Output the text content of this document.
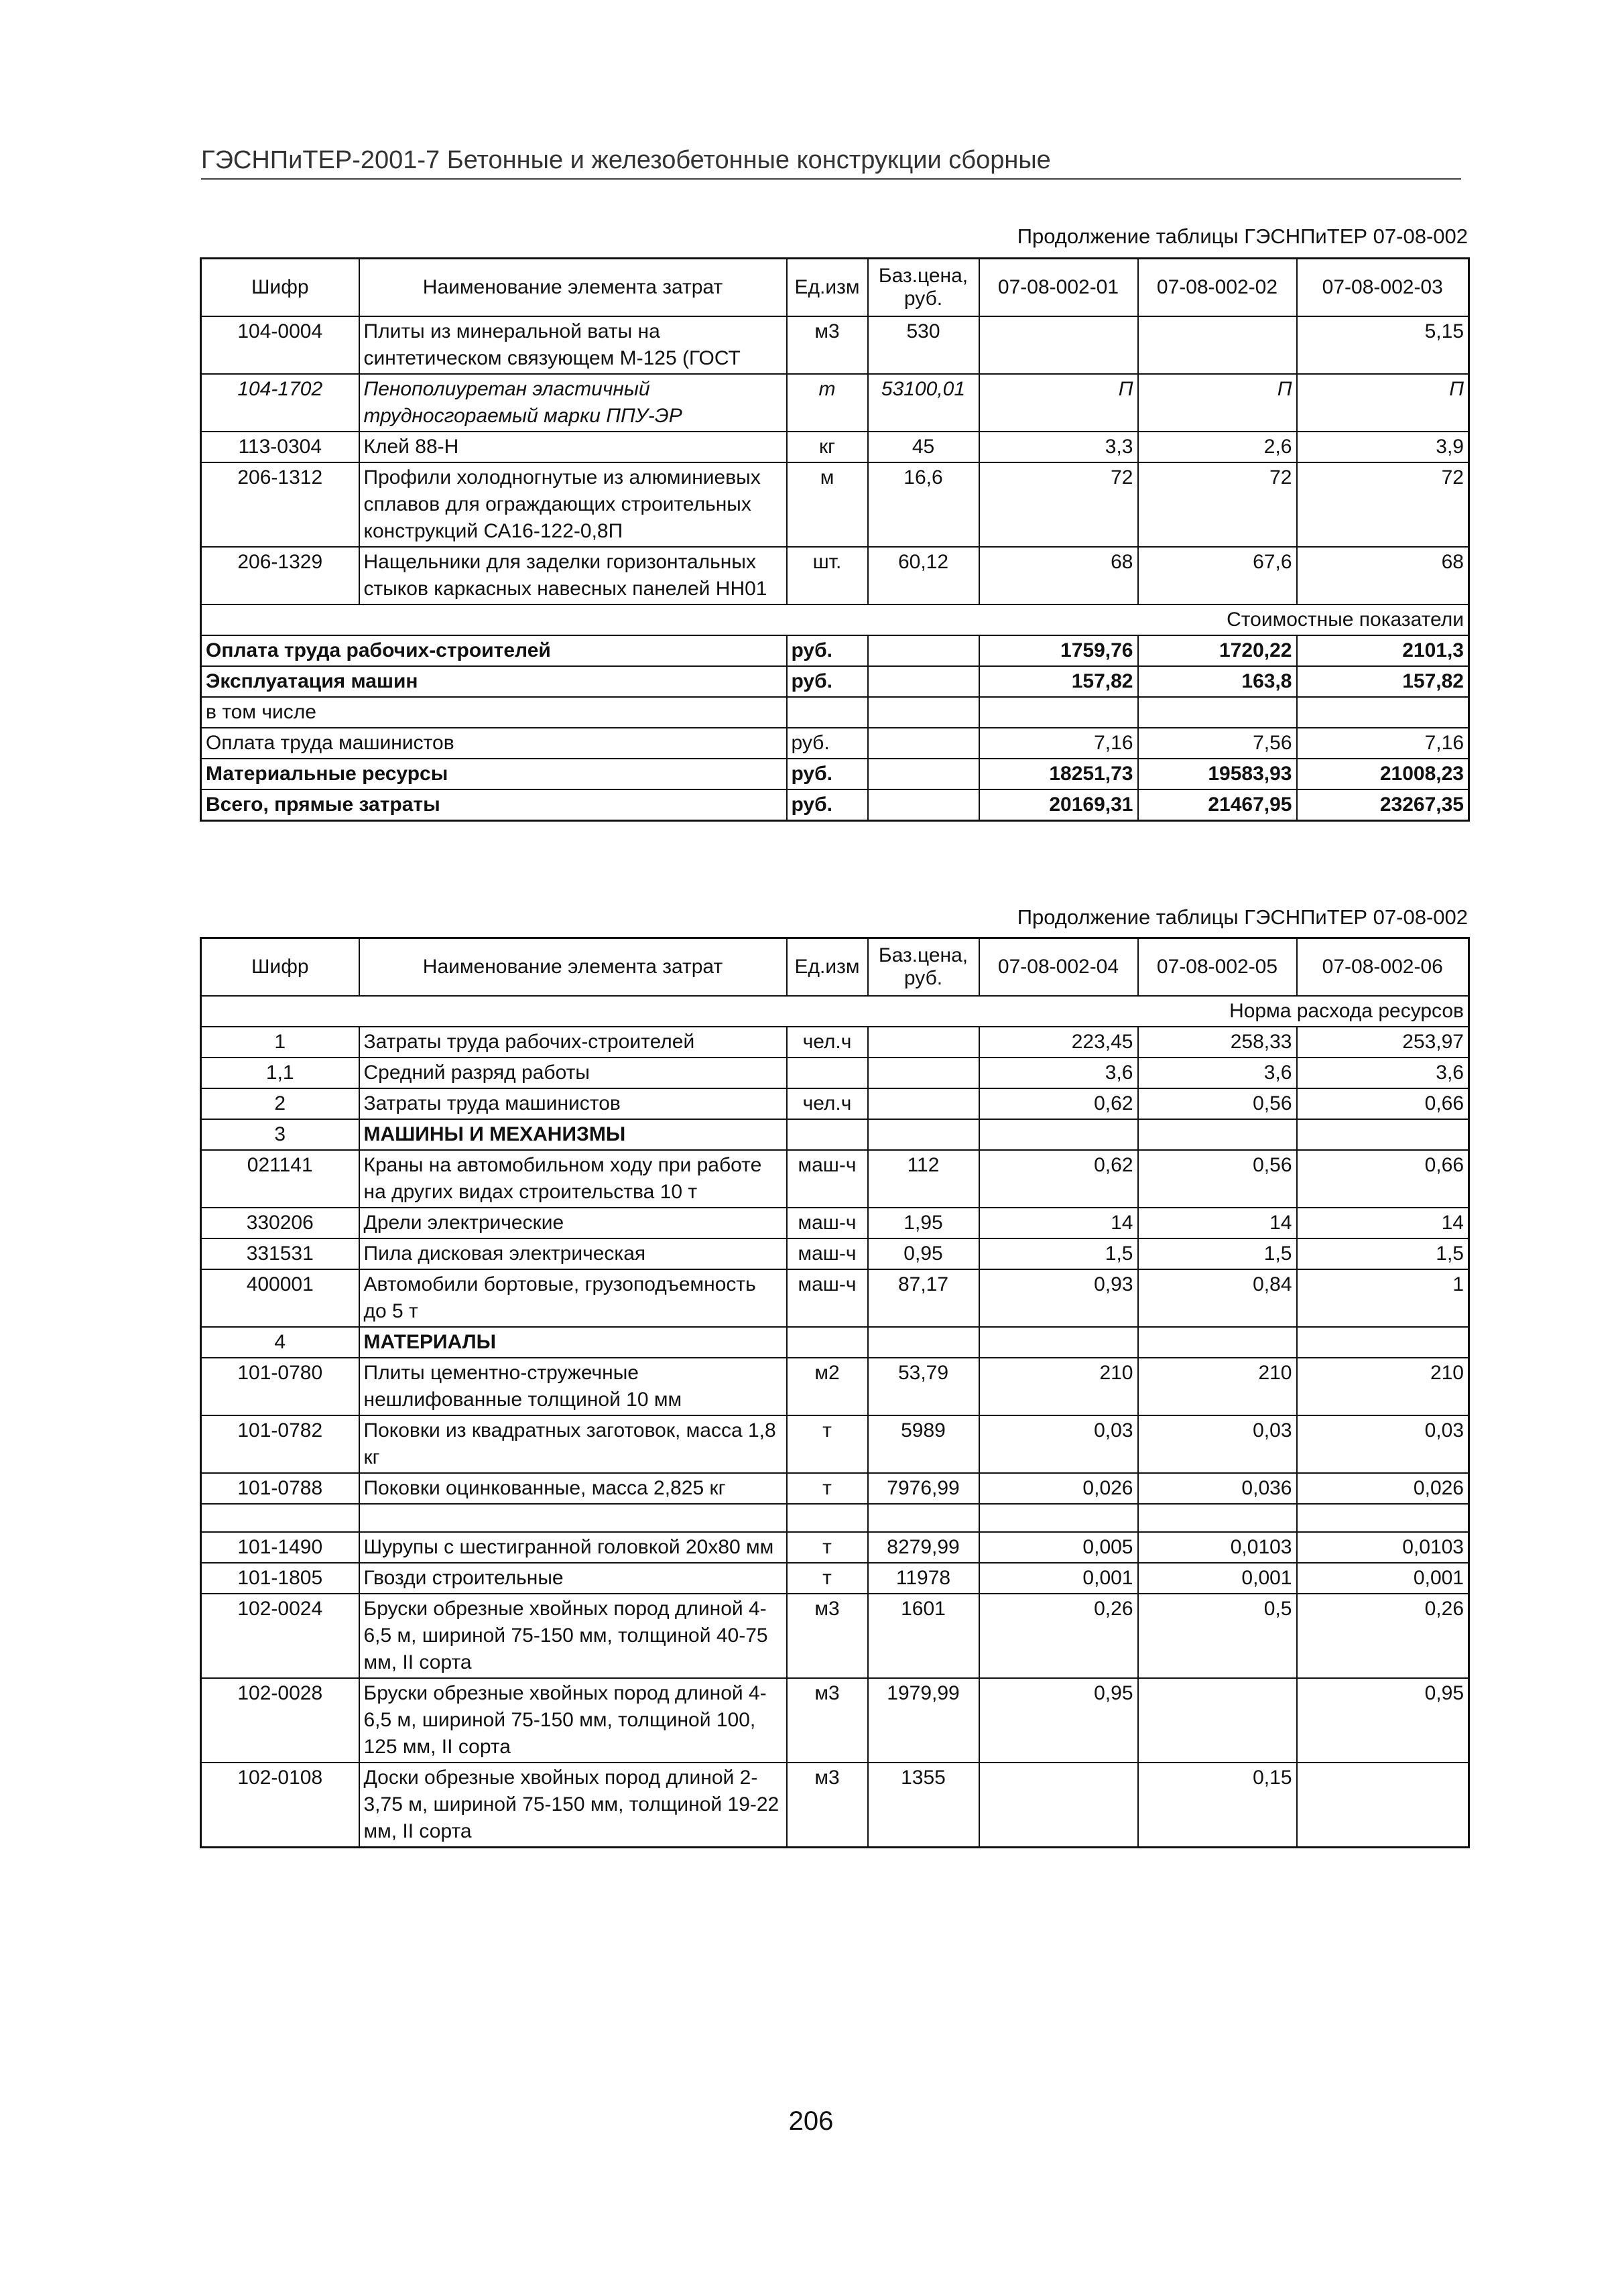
ГЭСНПиТЕР-2001-7 Бетонные и железобетонные конструкции сборные
Продолжение таблицы ГЭСНПиТЕР 07-08-002
Шифр	Наименование элемента затрат	Ед.изм	Баз.цена, руб.	07-08-002-01	07-08-002-02	07-08-002-03
104-0004	Плиты из минеральной ваты на синтетическом связующем М-125 (ГОСТ	м3	530			5,15
104-1702	Пенополиуретан эластичный трудносгораемый марки ППУ-ЭР	т	53100,01	П	П	П
113-0304	Клей 88-Н	кг	45	3,3	2,6	3,9
206-1312	Профили холодногнутые из алюминиевых сплавов для ограждающих строительных конструкций СА16-122-0,8П	м	16,6	72	72	72
206-1329	Нащельники для заделки горизонтальных стыков каркасных навесных панелей НН01	шт.	60,12	68	67,6	68
Стоимостные показатели						
Оплата труда рабочих-строителей		руб.		1759,76	1720,22	2101,3
Эксплуатация машин		руб.		157,82	163,8	157,82
в том числе						
Оплата труда машинистов		руб.		7,16	7,56	7,16
Материальные ресурсы		руб.		18251,73	19583,93	21008,23
Всего, прямые затраты		руб.		20169,31	21467,95	23267,35
Продолжение таблицы ГЭСНПиТЕР 07-08-002
Шифр	Наименование элемента затрат	Ед.изм	Баз.цена, руб.	07-08-002-04	07-08-002-05	07-08-002-06
Норма расхода ресурсов						
1	Затраты труда рабочих-строителей	чел.ч		223,45	258,33	253,97
1,1	Средний разряд работы			3,6	3,6	3,6
2	Затраты труда машинистов	чел.ч		0,62	0,56	0,66
3	МАШИНЫ И МЕХАНИЗМЫ					
021141	Краны на автомобильном ходу при работе на других видах строительства 10 т	маш-ч	112	0,62	0,56	0,66
330206	Дрели электрические	маш-ч	1,95	14	14	14
331531	Пила дисковая электрическая	маш-ч	0,95	1,5	1,5	1,5
400001	Автомобили бортовые, грузоподъемность до 5 т	маш-ч	87,17	0,93	0,84	1
4	МАТЕРИАЛЫ					
101-0780	Плиты цементно-стружечные нешлифованные толщиной 10 мм	м2	53,79	210	210	210
101-0782	Поковки из квадратных заготовок, масса 1,8 кг	т	5989	0,03	0,03	0,03
101-0788	Поковки оцинкованные, масса 2,825 кг	т	7976,99	0,026	0,036	0,026

101-1490	Шурупы с шестигранной головкой 20х80 мм	т	8279,99	0,005	0,0103	0,0103
101-1805	Гвозди строительные	т	11978	0,001	0,001	0,001
102-0024	Бруски обрезные хвойных пород длиной 4-6,5 м, шириной 75-150 мм, толщиной 40-75 мм, II сорта	м3	1601	0,26	0,5	0,26
102-0028	Бруски обрезные хвойных пород длиной 4-6,5 м, шириной 75-150 мм, толщиной 100, 125 мм, II сорта	м3	1979,99	0,95		0,95
102-0108	Доски обрезные хвойных пород длиной 2-3,75 м, шириной 75-150 мм, толщиной 19-22 мм, II сорта	м3	1355		0,15	
206
